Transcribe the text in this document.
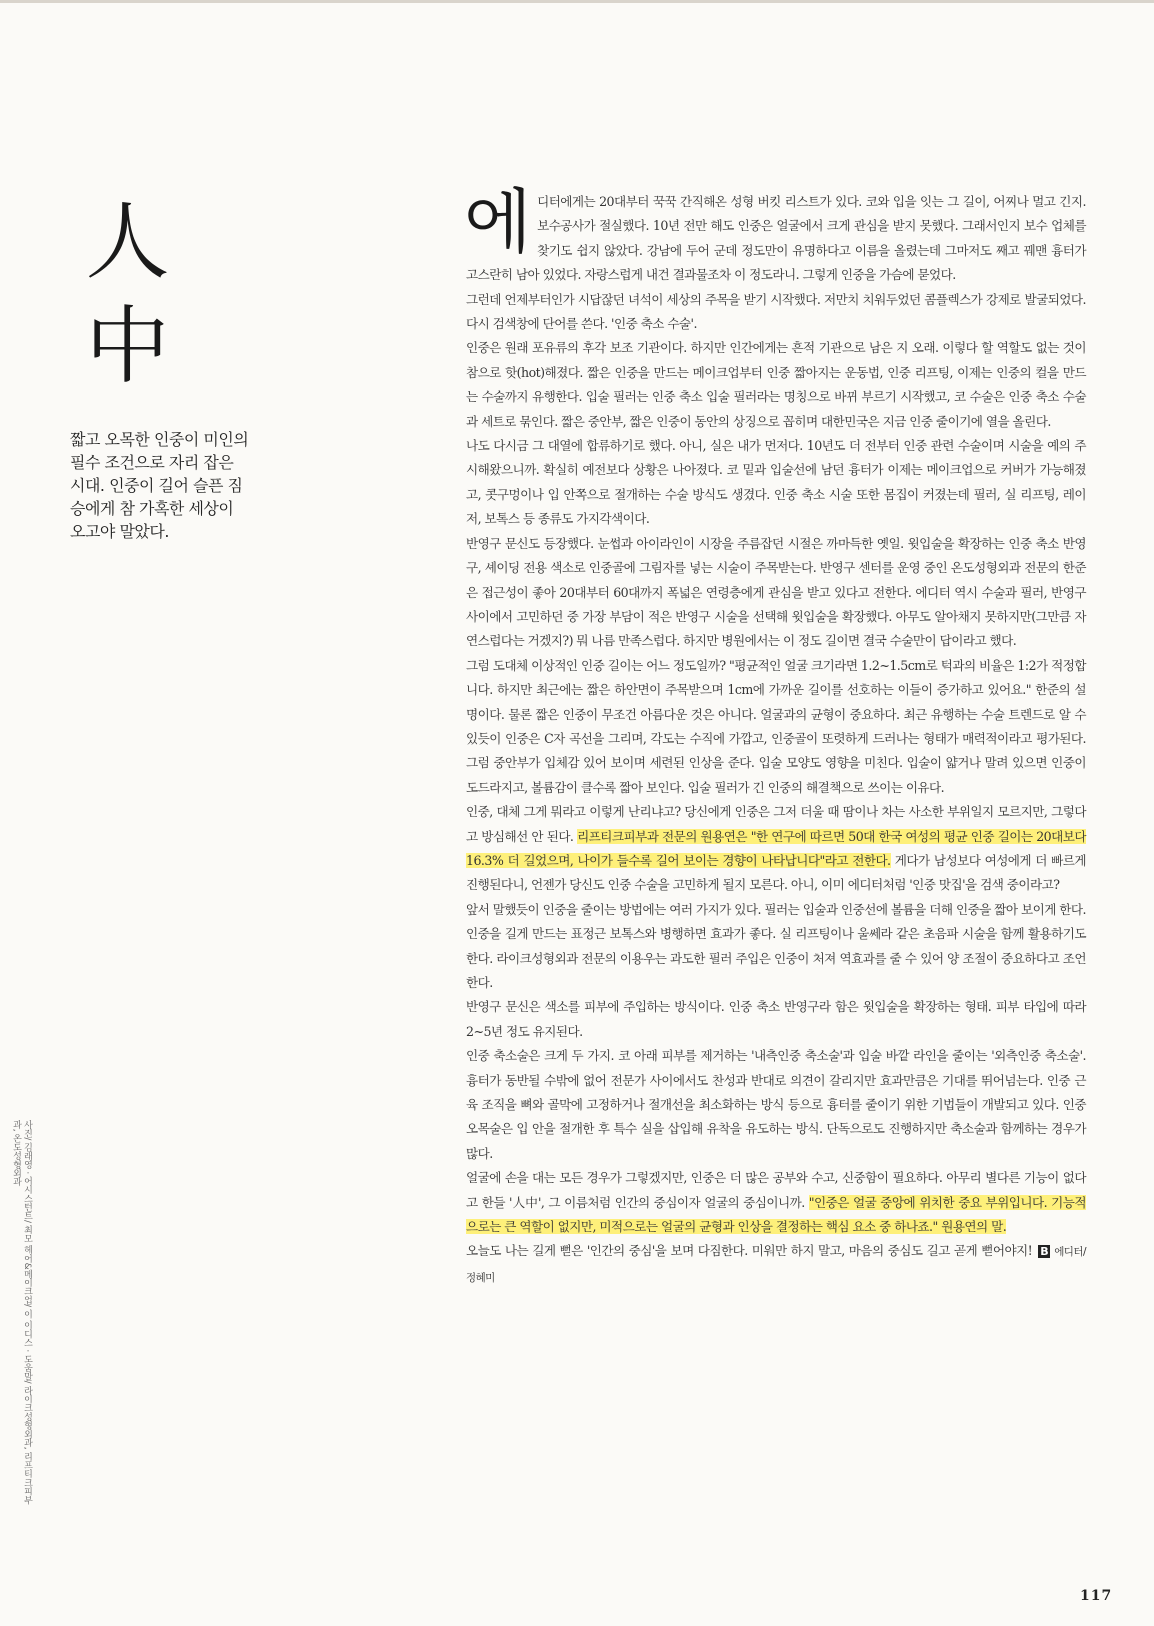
人
中
짧고 오목한 인중이 미인의 필수 조건으로 자리 잡은 시대. 인중이 길어 슬픈 짐승에게 참 가혹한 세상이 오고야 말았다.

에디터에게는 20대부터 꾹꾹 간직해온 성형 버킷 리스트가 있다. 코와 입을 잇는 그 길이, 어찌나 멀고 긴지. 보수공사가 절실했다. 10년 전만 해도 인중은 얼굴에서 크게 관심을 받지 못했다. 그래서인지 보수 업체를 찾기도 쉽지 않았다. 강남에 두어 군데 정도만이 유명하다고 이름을 올렸는데 그마저도 째고 꿰맨 흉터가 고스란히 남아 있었다. 자랑스럽게 내건 결과물조차 이 정도라니. 그렇게 인중을 가슴에 묻었다.

그런데 언제부터인가 시답잖던 녀석이 세상의 주목을 받기 시작했다. 저만치 치워두었던 콤플렉스가 강제로 발굴되었다. 다시 검색창에 단어를 쓴다. '인중 축소 수술'.

인중은 원래 포유류의 후각 보조 기관이다. 하지만 인간에게는 흔적 기관으로 남은 지 오래. 이렇다 할 역할도 없는 것이 참으로 핫(hot)해졌다. 짧은 인중을 만드는 메이크업부터 인중 짧아지는 운동법, 인중 리프팅, 이제는 인중의 컬을 만드는 수술까지 유행한다. 입술 필러는 인중 축소 입술 필러라는 명칭으로 바뀌 부르기 시작했고, 코 수술은 인중 축소 수술과 세트로 묶인다. 짧은 중안부, 짧은 인중이 동안의 상징으로 꼽히며 대한민국은 지금 인중 줄이기에 열을 올린다.

나도 다시금 그 대열에 합류하기로 했다. 아니, 실은 내가 먼저다. 10년도 더 전부터 인중 관련 수술이며 시술을 예의 주시해왔으니까. 확실히 예전보다 상황은 나아졌다. 코 밑과 입술선에 남던 흉터가 이제는 메이크업으로 커버가 가능해졌고, 콧구멍이나 입 안쪽으로 절개하는 수술 방식도 생겼다. 인중 축소 시술 또한 몸집이 커졌는데 필러, 실 리프팅, 레이저, 보톡스 등 종류도 가지각색이다.

반영구 문신도 등장했다. 눈썹과 아이라인이 시장을 주름잡던 시절은 까마득한 옛일. 윗입술을 확장하는 인중 축소 반영구, 셰이딩 전용 색소로 인중골에 그림자를 넣는 시술이 주목받는다. 반영구 센터를 운영 중인 온도성형외과 전문의 한준은 접근성이 좋아 20대부터 60대까지 폭넓은 연령층에게 관심을 받고 있다고 전한다. 에디터 역시 수술과 필러, 반영구 사이에서 고민하던 중 가장 부담이 적은 반영구 시술을 선택해 윗입술을 확장했다. 아무도 알아채지 못하지만(그만큼 자연스럽다는 거겠지?) 뭐 나름 만족스럽다. 하지만 병원에서는 이 정도 길이면 결국 수술만이 답이라고 했다.

그럼 도대체 이상적인 인중 길이는 어느 정도일까? "평균적인 얼굴 크기라면 1.2~1.5cm로 턱과의 비율은 1:2가 적정합니다. 하지만 최근에는 짧은 하안면이 주목받으며 1cm에 가까운 길이를 선호하는 이들이 증가하고 있어요." 한준의 설명이다. 물론 짧은 인중이 무조건 아름다운 것은 아니다. 얼굴과의 균형이 중요하다. 최근 유행하는 수술 트렌드로 알 수 있듯이 인중은 C자 곡선을 그리며, 각도는 수직에 가깝고, 인중골이 또렷하게 드러나는 형태가 매력적이라고 평가된다. 그럼 중안부가 입체감 있어 보이며 세련된 인상을 준다. 입술 모양도 영향을 미친다. 입술이 얇거나 말려 있으면 인중이 도드라지고, 볼륨감이 클수록 짧아 보인다. 입술 필러가 긴 인중의 해결책으로 쓰이는 이유다.

인중, 대체 그게 뭐라고 이렇게 난리냐고? 당신에게 인중은 그저 더울 때 땀이나 차는 사소한 부위일지 모르지만, 그렇다고 방심해선 안 된다. 리프티크피부과 전문의 원용연은 "한 연구에 따르면 50대 한국 여성의 평균 인중 길이는 20대보다 16.3% 더 길었으며, 나이가 들수록 길어 보이는 경향이 나타납니다"라고 전한다. 게다가 남성보다 여성에게 더 빠르게 진행된다니, 언젠가 당신도 인중 수술을 고민하게 될지 모른다. 아니, 이미 에디터처럼 '인중 맛집'을 검색 중이라고?

앞서 말했듯이 인중을 줄이는 방법에는 여러 가지가 있다. 필러는 입술과 인중선에 볼륨을 더해 인중을 짧아 보이게 한다. 인중을 길게 만드는 표정근 보톡스와 병행하면 효과가 좋다. 실 리프팅이나 울쎄라 같은 초음파 시술을 함께 활용하기도 한다. 라이크성형외과 전문의 이용우는 과도한 필러 주입은 인중이 처져 역효과를 줄 수 있어 양 조절이 중요하다고 조언한다.

반영구 문신은 색소를 피부에 주입하는 방식이다. 인중 축소 반영구라 함은 윗입술을 확장하는 형태. 피부 타입에 따라 2~5년 정도 유지된다.

인중 축소술은 크게 두 가지. 코 아래 피부를 제거하는 '내측인중 축소술'과 입술 바깥 라인을 줄이는 '외측인중 축소술'. 흉터가 동반될 수밖에 없어 전문가 사이에서도 찬성과 반대로 의견이 갈리지만 효과만큼은 기대를 뛰어넘는다. 인중 근육 조직을 뼈와 골막에 고정하거나 절개선을 최소화하는 방식 등으로 흉터를 줄이기 위한 기법들이 개발되고 있다. 인중 오목술은 입 안을 절개한 후 특수 실을 삽입해 유착을 유도하는 방식. 단독으로도 진행하지만 축소술과 함께하는 경우가 많다.

얼굴에 손을 대는 모든 경우가 그렇겠지만, 인중은 더 많은 공부와 수고, 신중함이 필요하다. 아무리 별다른 기능이 없다고 한들 '人中', 그 이름처럼 인간의 중심이자 얼굴의 중심이니까. "인중은 얼굴 중앙에 위치한 중요 부위입니다. 기능적으로는 큰 역할이 없지만, 미적으로는 얼굴의 균형과 인상을 결정하는 핵심 요소 중 하나죠." 원용연의 말.

오늘도 나는 길게 뻗은 '인간의 중심'을 보며 다짐한다. 미워만 하지 말고, 마음의 중심도 길고 곧게 뻗어야지! B 에디터/ 정혜미

사진/ 김래영 · 어시스턴트/ 최모 헤어&메이크업/ 이 이디스 · 도움말/ 라이크성형외과, 리프티크피부과, 온도성형외과
117
